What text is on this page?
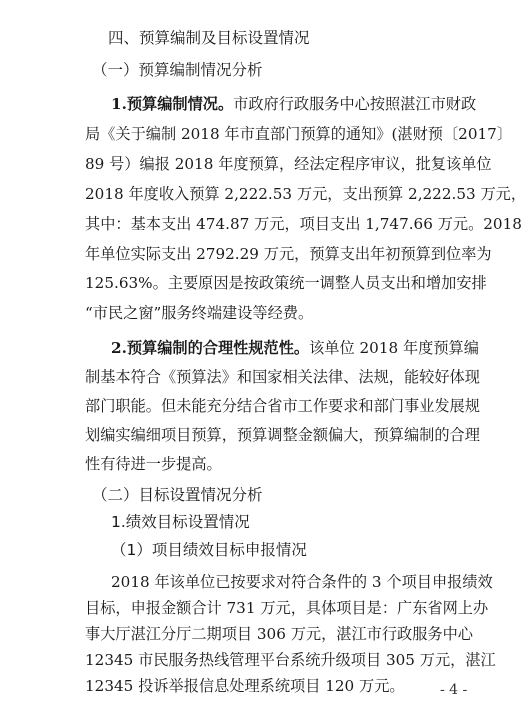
四、预算编制及目标设置情况
（一）预算编制情况分析
1.预算编制情况。市政府行政服务中心按照湛江市财政
局《关于编制 2018 年市直部门预算的通知》(湛财预〔2017〕
89 号）编报 2018 年度预算，经法定程序审议，批复该单位
2018 年度收入预算 2,222.53 万元，支出预算 2,222.53 万元，
其中：基本支出 474.87 万元，项目支出 1,747.66 万元。2018
年单位实际支出 2792.29 万元，预算支出年初预算到位率为
125.63%。主要原因是按政策统一调整人员支出和增加安排
“市民之窗”服务终端建设等经费。
2.预算编制的合理性规范性。该单位 2018 年度预算编
制基本符合《预算法》和国家相关法律、法规，能较好体现
部门职能。但未能充分结合省市工作要求和部门事业发展规
划编实编细项目预算，预算调整金额偏大，预算编制的合理
性有待进一步提高。
（二）目标设置情况分析
1.绩效目标设置情况
（1）项目绩效目标申报情况
2018 年该单位已按要求对符合条件的 3 个项目申报绩效
目标，申报金额合计 731 万元，具体项目是：广东省网上办
事大厅湛江分厅二期项目 306 万元，湛江市行政服务中心
12345 市民服务热线管理平台系统升级项目 305 万元，湛江
12345 投诉举报信息处理系统项目 120 万元。	- 4 -
